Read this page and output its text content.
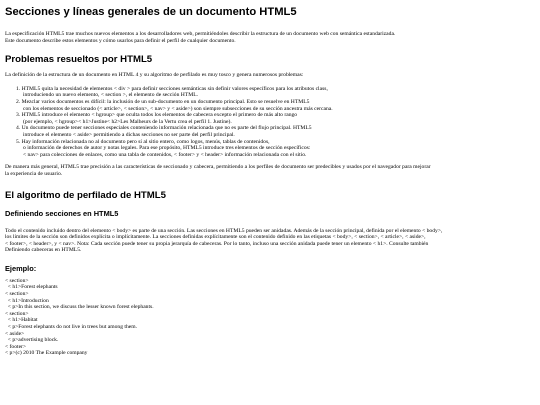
Secciones y líneas generales de un documento HTML5

La especificación HTML5 trae muchos nuevos elementos a los desarrolladores web, permitiéndoles describir la estructura de un documento web con semántica estandarizada.
Este documento describe estos elementos y cómo usarlos para definir el perfil de cualquier documento.

Problemas resueltos por HTML5

La definición de la estructura de un documento en HTML 4 y su algoritmo de perfilado es muy tosco y genera numerosos problemas:

1. HTML5 quita la necesidad de elementos < div > para definir secciones semánticas sin definir valores específicos para los atributos class,
introduciendo un nuevo elemento, < section >, el elemento de sección HTML.
2. Mezclar varios documentos es difícil: la inclusión de un sub-documento en un documento principal. Esto se resuelve en HTML5
con los elementos de seccionado (< article>, < section>, < nav> y < aside>) son siempre subsecciones de su sección ancestra más cercana.
3. HTML5 introduce el elemento < hgroup> que oculta todos los elementos de cabecera excepto el primero de más alto rango
(por ejemplo, < hgroup>< h1>Justine< h2>Les Malheurs de la Vertu crea el perfil 1. Justine).
4. Un documento puede tener secciones especiales conteniendo información relacionada que no es parte del flujo principal. HTML5
introduce el elemento < aside> permitiendo a dichas secciones no ser parte del perfil principal.
5. Hay información relacionada no al documento pero sí al sitio entero, como logos, menús, tablas de contenidos,
o información de derechos de autor y notas legales. Para ese propósito, HTML5 introduce tres elementos de sección específicos:
< nav> para colecciones de enlaces, como una tabla de contenidos, < footer> y < header> información relacionada con el sitio.

De manera más general, HTML5 trae precisión a las características de seccionado y cabecera, permitiendo a los perfiles de documento ser predecibles y usados por el navegador para mejorar
la experiencia de usuario.

El algoritmo de perfilado de HTML5
Definiendo secciones en HTML5

Todo el contenido incluido dentro del elemento < body> es parte de una sección. Las secciones en HTML5 pueden ser anidadas. Además de la sección principal, definida por el elemento < body>,
los límites de la sección son definidos explícita o implícitamente. La secciones definidas explícitamente son el contenido definido en las etiquetas < body>, < section>, < article>, < aside>,
< footer>, < header>, y < nav>. Nota: Cada sección puede tener su propia jerarquía de cabeceras. Por lo tanto, incluso una sección anidada puede tener un elemento < h1>. Consulte también
Definiendo cabeceras en HTML5.

Ejemplo:
< section>
< h1>Forest elephants
< section>
< h1>Introduction
< p>In this section, we discuss the lesser known forest elephants.
< section>
< h1>Habitat
< p>Forest elephants do not live in trees but among them.
< aside>
< p>advertising block.
< footer>
< p>(c) 2010 The Example company
